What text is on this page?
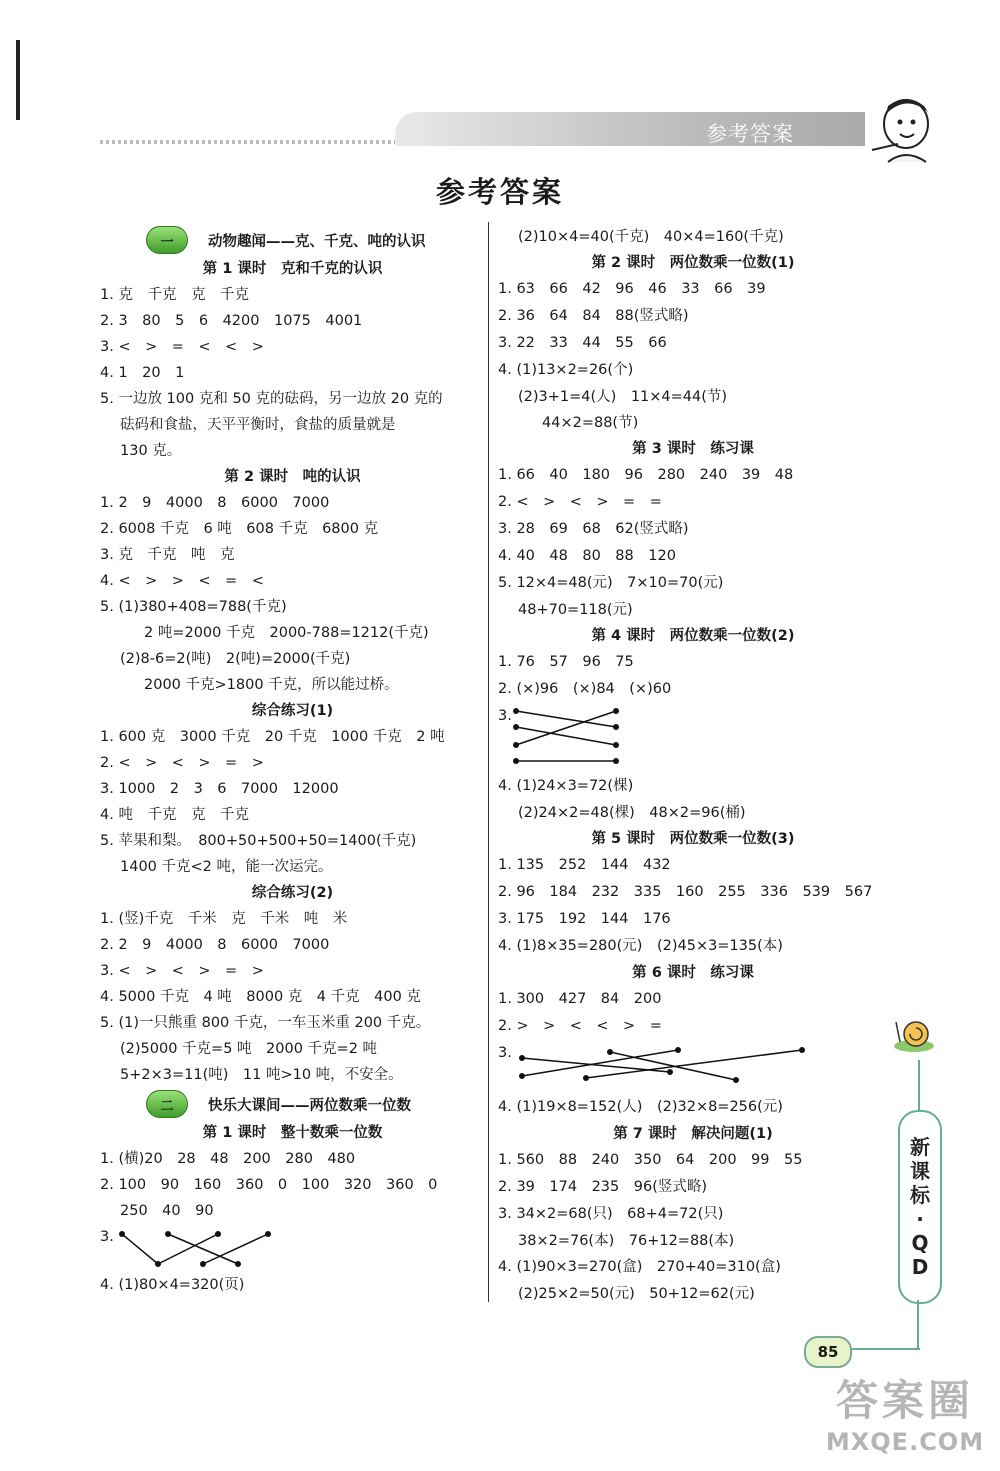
参考答案
参考答案
一	动物趣闻——克、千克、吨的认识
第 1 课时　克和千克的认识
1. 克　千克　克　千克
2. 3　80　5　6　4200　1075　4001
3. <　>　=　<　<　>
4. 1　20　1
5. 一边放 100 克和 50 克的砝码，另一边放 20 克的
砝码和食盐，天平平衡时，食盐的质量就是
130 克。
第 2 课时　吨的认识
1. 2　9　4000　8　6000　7000
2. 6008 千克　6 吨　608 千克　6800 克
3. 克　千克　吨　克
4. <　>　>　<　=　<
5. (1)380+408=788(千克)
2 吨=2000 千克　2000-788=1212(千克)
(2)8-6=2(吨)　2(吨)=2000(千克)
2000 千克>1800 千克，所以能过桥。
综合练习(1)
1. 600 克　3000 千克　20 千克　1000 千克　2 吨
2. <　>　<　>　=　>
3. 1000　2　3　6　7000　12000
4. 吨　千克　克　千克
5. 苹果和梨。　800+50+500+50=1400(千克)
1400 千克<2 吨，能一次运完。
综合练习(2)
1. (竖)千克　千米　克　千米　吨　米
2. 2　9　4000　8　6000　7000
3. <　>　<　>　=　>
4. 5000 千克　4 吨　8000 克　4 千克　400 克
5. (1)一只熊重 800 千克，一车玉米重 200 千克。
(2)5000 千克=5 吨　2000 千克=2 吨
5+2×3=11(吨)　11 吨>10 吨，不安全。
二	快乐大课间——两位数乘一位数
第 1 课时　整十数乘一位数
1. (横)20　28　48　200　280　480
2. 100　90　160　360　0　100　320　360　0
250　40　90
3.
4. (1)80×4=320(页)
(2)10×4=40(千克)　40×4=160(千克)
第 2 课时　两位数乘一位数(1)
1. 63　66　42　96　46　33　66　39
2. 36　64　84　88(竖式略)
3. 22　33　44　55　66
4. (1)13×2=26(个)
(2)3+1=4(人)　11×4=44(节)
44×2=88(节)
第 3 课时　练习课
1. 66　40　180　96　280　240　39　48
2. <　>　<　>　=　=
3. 28　69　68　62(竖式略)
4. 40　48　80　88　120
5. 12×4=48(元)　7×10=70(元)
48+70=118(元)
第 4 课时　两位数乘一位数(2)
1. 76　57　96　75
2. (×)96　(×)84　(×)60
3.
4. (1)24×3=72(棵)
(2)24×2=48(棵)　48×2=96(桶)
第 5 课时　两位数乘一位数(3)
1. 135　252　144　432
2. 96　184　232　335　160　255　336　539　567
3. 175　192　144　176
4. (1)8×35=280(元)　(2)45×3=135(本)
第 6 课时　练习课
1. 300　427　84　200
2. >　>　<　<　>　=
3.
4. (1)19×8=152(人)　(2)32×8=256(元)
第 7 课时　解决问题(1)
1. 560　88　240　350　64　200　99　55
2. 39　174　235　96(竖式略)
3. 34×2=68(只)　68+4=72(只)
38×2=76(本)　76+12=88(本)
4. (1)90×3=270(盒)　270+40=310(盒)
(2)25×2=50(元)　50+12=62(元)
新
课
标
·
Q
D
85
答案圈
MXQE.COM
